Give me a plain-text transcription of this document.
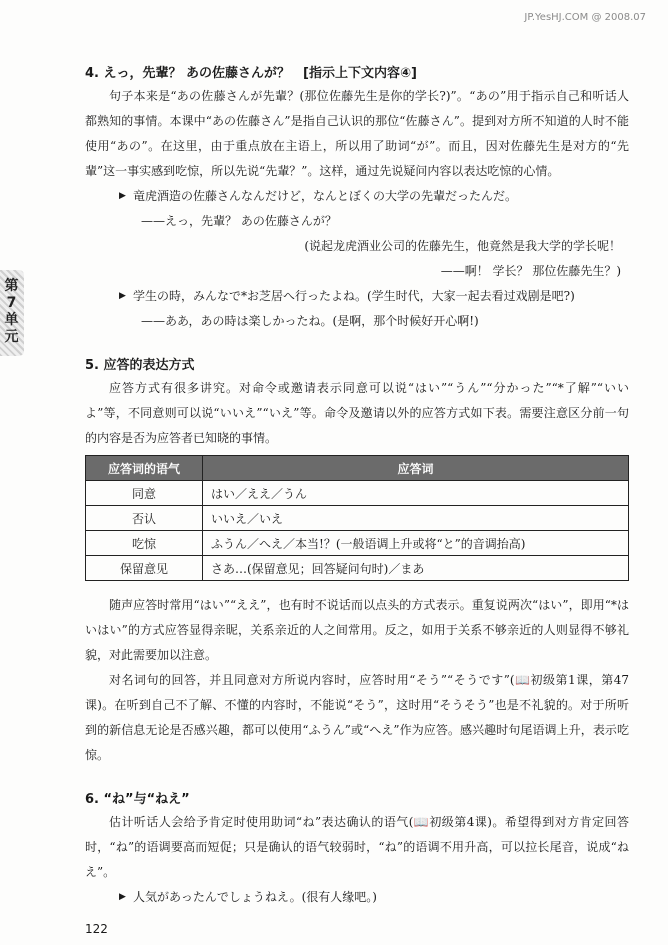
JP.YesHJ.COM @ 2008.07
第7单元
4. えっ，先輩？ あの佐藤さんが？　[指示上下文内容④]

句子本来是“あの佐藤さんが先輩？(那位佐藤先生是你的学长?)”。“あの”用于指示自己和听话人都熟知的事情。本课中“あの佐藤さん”是指自己认识的那位“佐藤さん”。提到对方所不知道的人时不能使用“あの”。在这里，由于重点放在主语上，所以用了助词“が”。而且，因对佐藤先生是对方的“先輩”这一事实感到吃惊，所以先说“先輩？”。这样，通过先说疑问内容以表达吃惊的心情。

▶ 竜虎酒造の佐藤さんなんだけど，なんとぼくの大学の先輩だったんだ。
——えっ，先輩？ あの佐藤さんが？
(说起龙虎酒业公司的佐藤先生，他竟然是我大学的学长呢！
——啊！ 学长？ 那位佐藤先生？)
▶ 学生の時，みんなで*お芝居へ行ったよね。(学生时代，大家一起去看过戏剧是吧?)
——ああ，あの時は楽しかったね。(是啊，那个时候好开心啊!)
5. 应答的表达方式

应答方式有很多讲究。对命令或邀请表示同意可以说“はい”“うん”“分かった”“*了解”“いいよ”等，不同意则可以说“いいえ”“いえ”等。命令及邀请以外的应答方式如下表。需要注意区分前一句的内容是否为应答者已知晓的事情。

应答词的语气	应答词
同意	はい／ええ／うん
否认	いいえ／いえ
吃惊	ふうん／へえ／本当!？(一般语调上升或将“と”的音调抬高)
保留意见	さあ…(保留意见；回答疑问句时)／まあ

随声应答时常用“はい”“ええ”，也有时不说话而以点头的方式表示。重复说两次“はい”，即用“*はいはい”的方式应答显得亲昵，关系亲近的人之间常用。反之，如用于关系不够亲近的人则显得不够礼貌，对此需要加以注意。

对名词句的回答，并且同意对方所说内容时，应答时用“そう”“そうです”(📖初级第1课，第47课)。在听到自己不了解、不懂的内容时，不能说“そう”，这时用“そうそう”也是不礼貌的。对于所听到的新信息无论是否感兴趣，都可以使用“ふうん”或“へえ”作为应答。感兴趣时句尾语调上升，表示吃惊。

6. “ね”与“ねえ”

估计听话人会给予肯定时使用助词“ね”表达确认的语气(📖初级第4课)。希望得到对方肯定回答时，“ね”的语调要高而短促；只是确认的语气较弱时，“ね”的语调不用升高，可以拉长尾音，说成“ねえ”。

▶ 人気があったんでしょうねえ。(很有人缘吧。)
122
